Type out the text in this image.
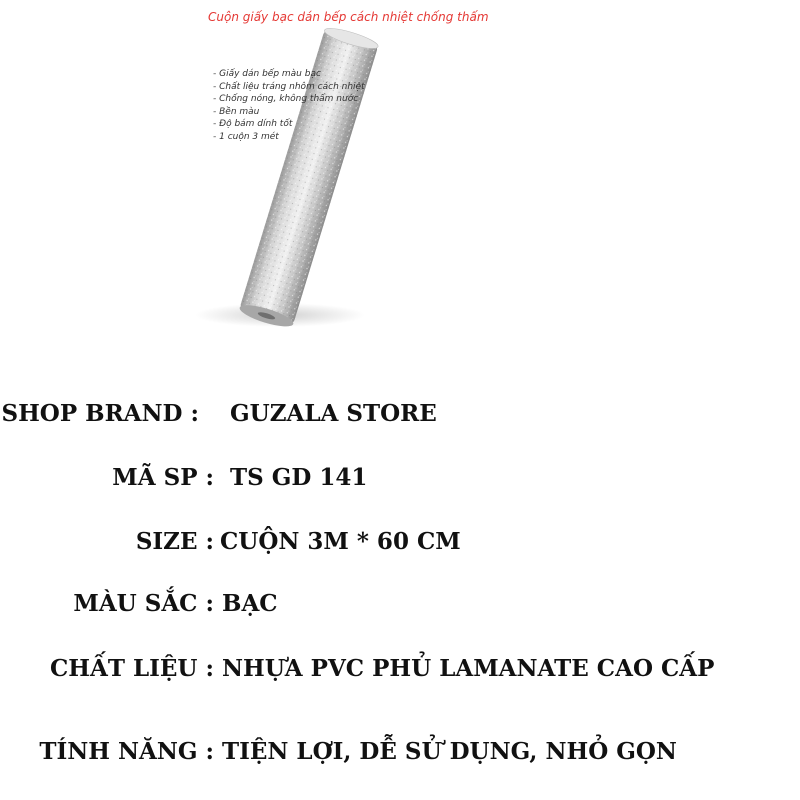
Cuộn giấy bạc dán bếp cách nhiệt chống thấm
- Giấy dán bếp màu bạc
- Chất liệu tráng nhôm cách nhiệt
- Chống nóng, không thấm nước
- Bền màu
- Độ bám dính tốt
- 1 cuộn 3 mét
SHOP BRAND : GUZALA STORE
MÃ SP : TS GD 141
SIZE : CUỘN 3M * 60 CM
MÀU SẮC : BẠC
CHẤT LIỆU : NHỰA PVC PHỦ LAMANATE CAO CẤP
TÍNH NĂNG : TIỆN LỢI, DỄ SỬ DỤNG, NHỎ GỌN
